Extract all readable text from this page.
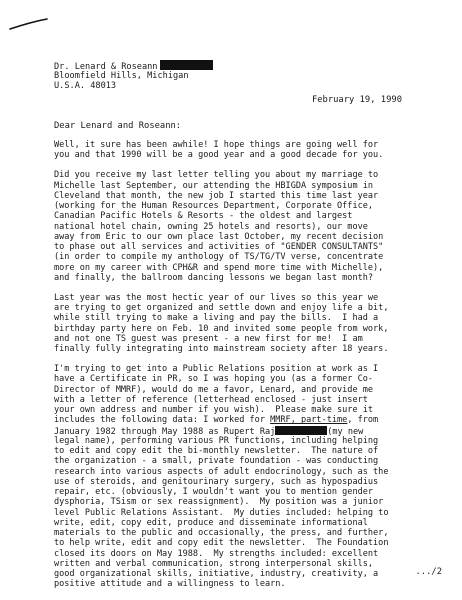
Dr. Lenard & Roseann
Bloomfield Hills, Michigan
U.S.A. 48013
February 19, 1990
Dear Lenard and Roseann:
Well, it sure has been awhile! I hope things are going well for
you and that 1990 will be a good year and a good decade for you.
Did you receive my last letter telling you about my marriage to
Michelle last September, our attending the HBIGDA symposium in
Cleveland that month, the new job I started this time last year
(working for the Human Resources Department, Corporate Office,
Canadian Pacific Hotels & Resorts - the oldest and largest
national hotel chain, owning 25 hotels and resorts), our move
away from Eric to our own place last October, my recent decision
to phase out all services and activities of "GENDER CONSULTANTS"
(in order to compile my anthology of TS/TG/TV verse, concentrate
more on my career with CPH&R and spend more time with Michelle),
and finally, the ballroom dancing lessons we began last month?
Last year was the most hectic year of our lives so this year we
are trying to get organized and settle down and enjoy life a bit,
while still trying to make a living and pay the bills.  I had a
birthday party here on Feb. 10 and invited some people from work,
and not one TS guest was present - a new first for me!  I am
finally fully integrating into mainstream society after 18 years.
I'm trying to get into a Public Relations position at work as I
have a Certificate in PR, so I was hoping you (as a former Co-
Director of MMRF), would do me a favor, Lenard, and provide me
with a letter of reference (letterhead enclosed - just insert
your own address and number if you wish).  Please make sure it
includes the following data: I worked for MMRF, part-time, from
January 1982 through May 1988 as Rupert Raj	(my new
legal name), performing various PR functions, including helping
to edit and copy edit the bi-monthly newsletter.  The nature of
the organization - a small, private foundation - was conducting
research into various aspects of adult endocrinology, such as the
use of steroids, and genitourinary surgery, such as hypospadius
repair, etc. (obviously, I wouldn't want you to mention gender
dysphoria, TSism or sex reassignment).  My position was a junior
level Public Relations Assistant.  My duties included: helping to
write, edit, copy edit, produce and disseminate informational
materials to the public and occasionally, the press, and further,
to help write, edit and copy edit the newsletter.  The Foundation
closed its doors on May 1988.  My strengths included: excellent
written and verbal communication, strong interpersonal skills,
good organizational skills, initiative, industry, creativity, a
positive attitude and a willingness to learn.
.../2
